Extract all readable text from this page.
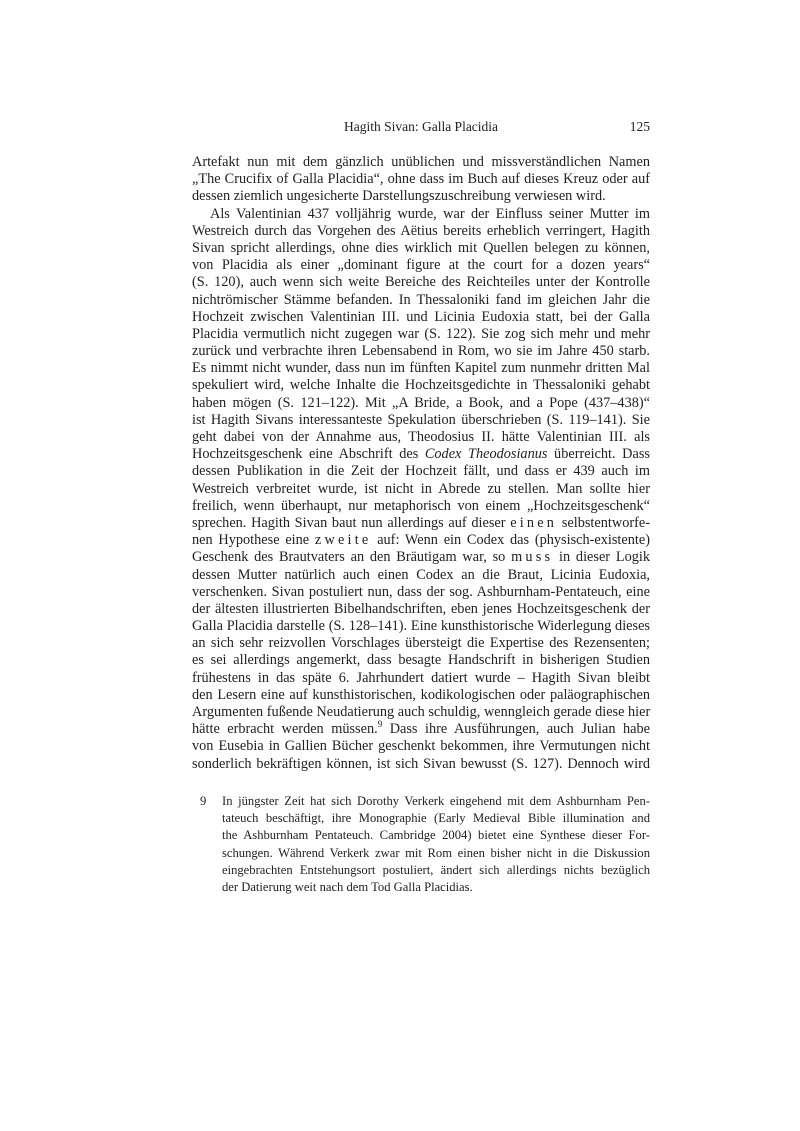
Hagith Sivan: Galla Placidia	125
Artefakt nun mit dem gänzlich unüblichen und missverständlichen Namen
„The Crucifix of Galla Placidia“, ohne dass im Buch auf dieses Kreuz oder auf
dessen ziemlich ungesicherte Darstellungszuschreibung verwiesen wird.
Als Valentinian 437 volljährig wurde, war der Einfluss seiner Mutter im
Westreich durch das Vorgehen des Aëtius bereits erheblich verringert, Hagith
Sivan spricht allerdings, ohne dies wirklich mit Quellen belegen zu können,
von Placidia als einer „dominant figure at the court for a dozen years“
(S. 120), auch wenn sich weite Bereiche des Reichteiles unter der Kontrolle
nichtrömischer Stämme befanden. In Thessaloniki fand im gleichen Jahr die
Hochzeit zwischen Valentinian III. und Licinia Eudoxia statt, bei der Galla
Placidia vermutlich nicht zugegen war (S. 122). Sie zog sich mehr und mehr
zurück und verbrachte ihren Lebensabend in Rom, wo sie im Jahre 450 starb.
Es nimmt nicht wunder, dass nun im fünften Kapitel zum nunmehr dritten Mal
spekuliert wird, welche Inhalte die Hochzeitsgedichte in Thessaloniki gehabt
haben mögen (S. 121–122). Mit „A Bride, a Book, and a Pope (437–438)“
ist Hagith Sivans interessanteste Spekulation überschrieben (S. 119–141). Sie
geht dabei von der Annahme aus, Theodosius II. hätte Valentinian III. als
Hochzeitsgeschenk eine Abschrift des Codex Theodosianus überreicht. Dass
dessen Publikation in die Zeit der Hochzeit fällt, und dass er 439 auch im
Westreich verbreitet wurde, ist nicht in Abrede zu stellen. Man sollte hier
freilich, wenn überhaupt, nur metaphorisch von einem „Hochzeitsgeschenk“
sprechen. Hagith Sivan baut nun allerdings auf dieser einen selbstentworfe-
nen Hypothese eine zweite auf: Wenn ein Codex das (physisch-existente)
Geschenk des Brautvaters an den Bräutigam war, so muss in dieser Logik
dessen Mutter natürlich auch einen Codex an die Braut, Licinia Eudoxia,
verschenken. Sivan postuliert nun, dass der sog. Ashburnham-Pentateuch, eine
der ältesten illustrierten Bibelhandschriften, eben jenes Hochzeitsgeschenk der
Galla Placidia darstelle (S. 128–141). Eine kunsthistorische Widerlegung dieses
an sich sehr reizvollen Vorschlages übersteigt die Expertise des Rezensenten;
es sei allerdings angemerkt, dass besagte Handschrift in bisherigen Studien
frühestens in das späte 6. Jahrhundert datiert wurde – Hagith Sivan bleibt
den Lesern eine auf kunsthistorischen, kodikologischen oder paläographischen
Argumenten fußende Neudatierung auch schuldig, wenngleich gerade diese hier
hätte erbracht werden müssen.$^9$ Dass ihre Ausführungen, auch Julian habe
von Eusebia in Gallien Bücher geschenkt bekommen, ihre Vermutungen nicht
sonderlich bekräftigen können, ist sich Sivan bewusst (S. 127). Dennoch wird
9 In jüngster Zeit hat sich Dorothy Verkerk eingehend mit dem Ashburnham Pen-
tateuch beschäftigt, ihre Monographie (Early Medieval Bible illumination and
the Ashburnham Pentateuch. Cambridge 2004) bietet eine Synthese dieser For-
schungen. Während Verkerk zwar mit Rom einen bisher nicht in die Diskussion
eingebrachten Entstehungsort postuliert, ändert sich allerdings nichts bezüglich
der Datierung weit nach dem Tod Galla Placidias.
